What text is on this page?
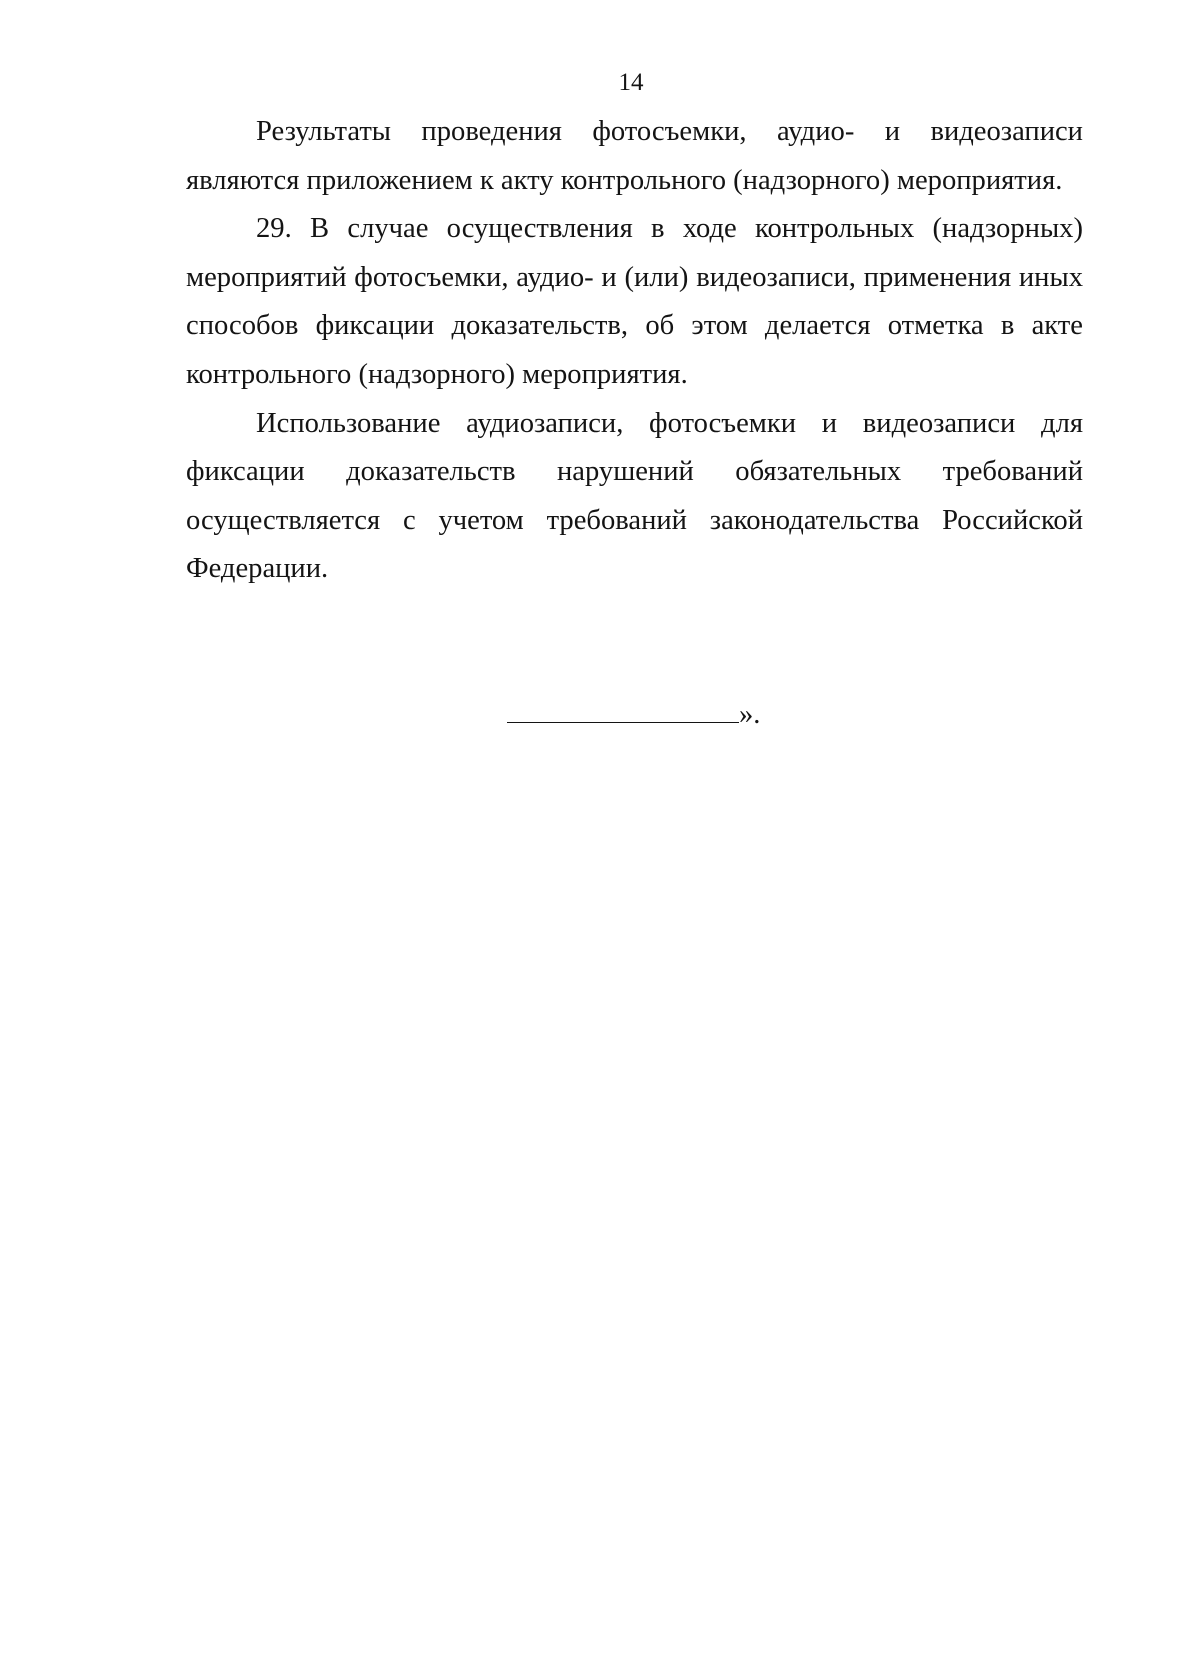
14

Результаты проведения фотосъемки, аудио- и видеозаписи являются приложением к акту контрольного (надзорного) мероприятия.

29. В случае осуществления в ходе контрольных (надзорных) мероприятий фотосъемки, аудио- и (или) видеозаписи, применения иных способов фиксации доказательств, об этом делается отметка в акте контрольного (надзорного) мероприятия.

Использование аудиозаписи, фотосъемки и видеозаписи для фиксации доказательств нарушений обязательных требований осуществляется с учетом требований законодательства Российской Федерации.

».
